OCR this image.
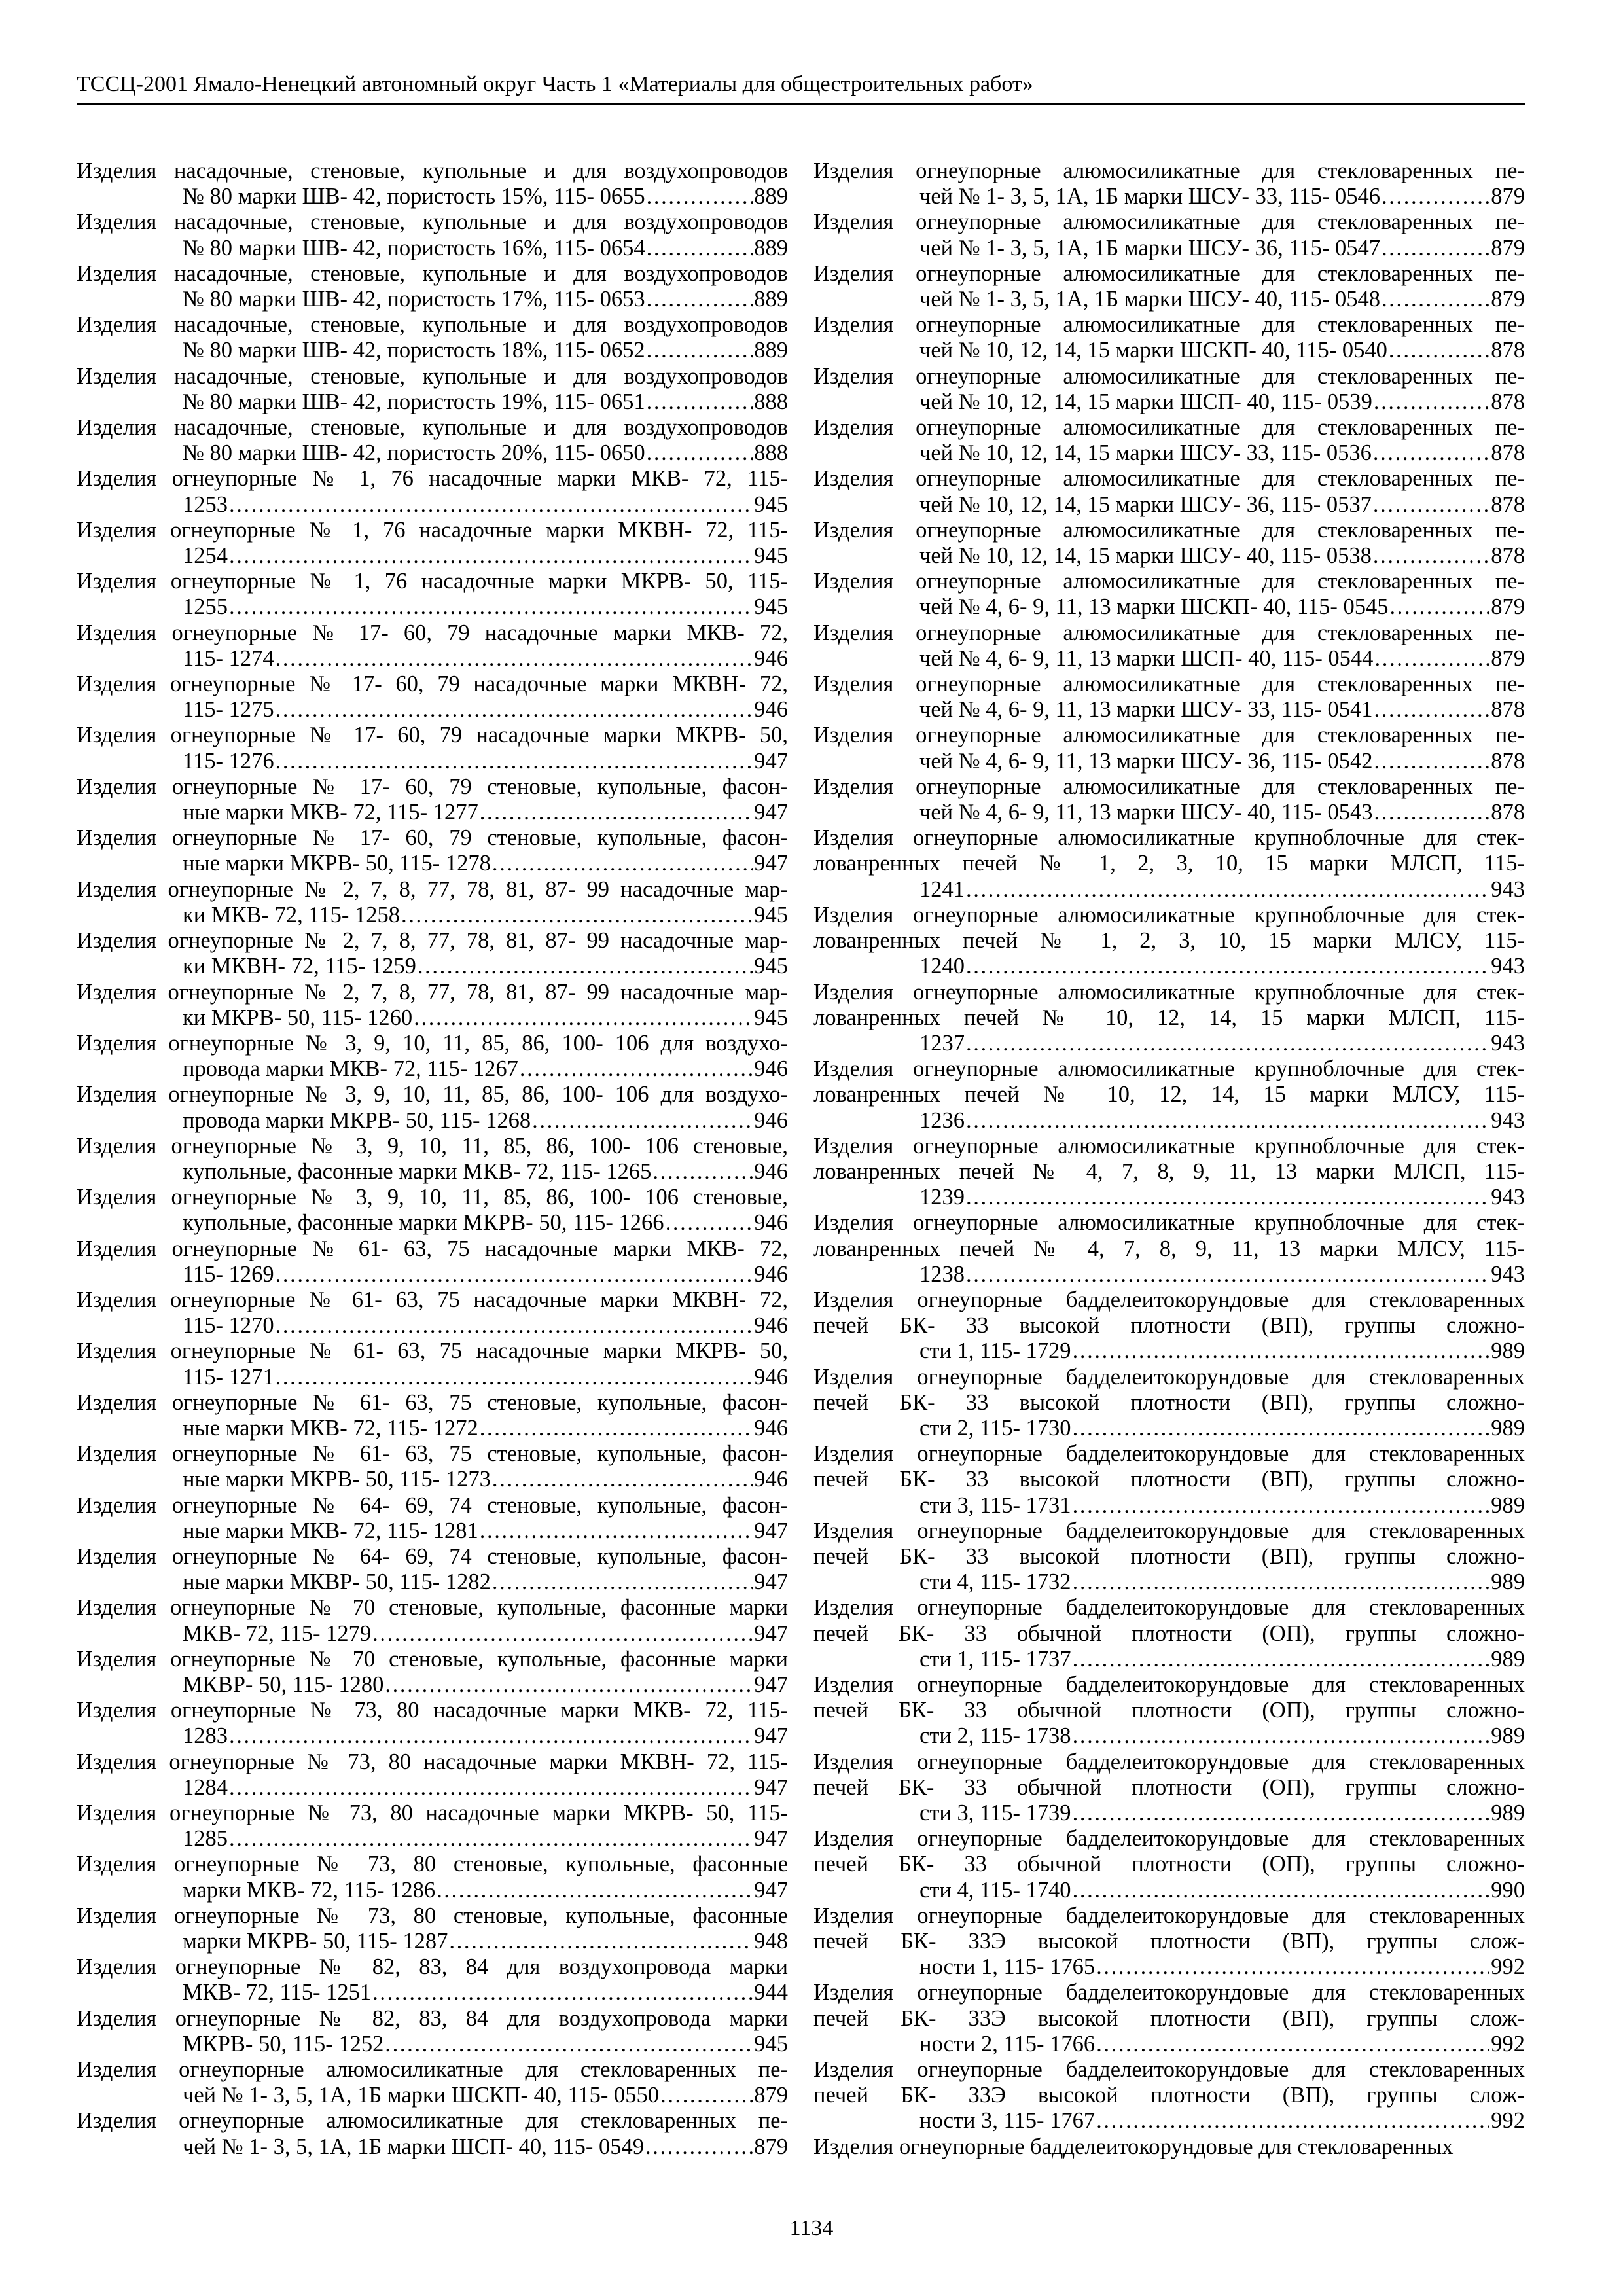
ТССЦ-2001 Ямало-Ненецкий автономный округ Часть 1 «Материалы для общестроительных работ»
Изделия насадочные, стеновые, купольные и для воздухопроводов
№ 80 марки ШВ- 42, пористость 15%, 115- 0655 . . .	889
Изделия насадочные, стеновые, купольные и для воздухопроводов
№ 80 марки ШВ- 42, пористость 16%, 115- 0654 . . .	889
Изделия насадочные, стеновые, купольные и для воздухопроводов
№ 80 марки ШВ- 42, пористость 17%, 115- 0653 . . .	889
Изделия насадочные, стеновые, купольные и для воздухопроводов
№ 80 марки ШВ- 42, пористость 18%, 115- 0652 . . .	889
Изделия насадочные, стеновые, купольные и для воздухопроводов
№ 80 марки ШВ- 42, пористость 19%, 115- 0651 . . .	888
Изделия насадочные, стеновые, купольные и для воздухопроводов
№ 80 марки ШВ- 42, пористость 20%, 115- 0650 . . .	888
Изделия огнеупорные № 1, 76 насадочные марки МКВ- 72, 115-
1253 . . .	945
Изделия огнеупорные № 1, 76 насадочные марки МКВН- 72, 115-
1254 . . .	945
Изделия огнеупорные № 1, 76 насадочные марки МКРВ- 50, 115-
1255 . . .	945
Изделия огнеупорные № 17- 60, 79 насадочные марки МКВ- 72,
115- 1274 . . .	946
Изделия огнеупорные № 17- 60, 79 насадочные марки МКВН- 72,
115- 1275 . . .	946
Изделия огнеупорные № 17- 60, 79 насадочные марки МКРВ- 50,
115- 1276 . . .	947
Изделия огнеупорные № 17- 60, 79 стеновые, купольные, фасон-
ные марки МКВ- 72, 115- 1277 . . .	947
Изделия огнеупорные № 17- 60, 79 стеновые, купольные, фасон-
ные марки МКРВ- 50, 115- 1278 . . .	947
Изделия огнеупорные № 2, 7, 8, 77, 78, 81, 87- 99 насадочные мар-
ки МКВ- 72, 115- 1258 . . .	945
Изделия огнеупорные № 2, 7, 8, 77, 78, 81, 87- 99 насадочные мар-
ки МКВН- 72, 115- 1259 . . .	945
Изделия огнеупорные № 2, 7, 8, 77, 78, 81, 87- 99 насадочные мар-
ки МКРВ- 50, 115- 1260 . . .	945
Изделия огнеупорные № 3, 9, 10, 11, 85, 86, 100- 106 для воздухо-
провода марки МКВ- 72, 115- 1267 . . .	946
Изделия огнеупорные № 3, 9, 10, 11, 85, 86, 100- 106 для воздухо-
провода марки МКРВ- 50, 115- 1268 . . .	946
Изделия огнеупорные № 3, 9, 10, 11, 85, 86, 100- 106 стеновые,
купольные, фасонные марки МКВ- 72, 115- 1265 . . .	946
Изделия огнеупорные № 3, 9, 10, 11, 85, 86, 100- 106 стеновые,
купольные, фасонные марки МКРВ- 50, 115- 1266 . . .	946
Изделия огнеупорные № 61- 63, 75 насадочные марки МКВ- 72,
115- 1269 . . .	946
Изделия огнеупорные № 61- 63, 75 насадочные марки МКВН- 72,
115- 1270 . . .	946
Изделия огнеупорные № 61- 63, 75 насадочные марки МКРВ- 50,
115- 1271 . . .	946
Изделия огнеупорные № 61- 63, 75 стеновые, купольные, фасон-
ные марки МКВ- 72, 115- 1272 . . .	946
Изделия огнеупорные № 61- 63, 75 стеновые, купольные, фасон-
ные марки МКРВ- 50, 115- 1273 . . .	946
Изделия огнеупорные № 64- 69, 74 стеновые, купольные, фасон-
ные марки МКВ- 72, 115- 1281 . . .	947
Изделия огнеупорные № 64- 69, 74 стеновые, купольные, фасон-
ные марки МКВР- 50, 115- 1282 . . .	947
Изделия огнеупорные № 70 стеновые, купольные, фасонные марки
МКВ- 72, 115- 1279 . . .	947
Изделия огнеупорные № 70 стеновые, купольные, фасонные марки
МКВР- 50, 115- 1280 . . .	947
Изделия огнеупорные № 73, 80 насадочные марки МКВ- 72, 115-
1283 . . .	947
Изделия огнеупорные № 73, 80 насадочные марки МКВН- 72, 115-
1284 . . .	947
Изделия огнеупорные № 73, 80 насадочные марки МКРВ- 50, 115-
1285 . . .	947
Изделия огнеупорные № 73, 80 стеновые, купольные, фасонные
марки МКВ- 72, 115- 1286 . . .	947
Изделия огнеупорные № 73, 80 стеновые, купольные, фасонные
марки МКРВ- 50, 115- 1287 . . .	948
Изделия огнеупорные № 82, 83, 84 для воздухопровода марки
МКВ- 72, 115- 1251 . . .	944
Изделия огнеупорные № 82, 83, 84 для воздухопровода марки
МКРВ- 50, 115- 1252 . . .	945
Изделия огнеупорные алюмосиликатные для стекловаренных пе-
чей № 1- 3, 5, 1А, 1Б марки ШСКП- 40, 115- 0550 . . .	879
Изделия огнеупорные алюмосиликатные для стекловаренных пе-
чей № 1- 3, 5, 1А, 1Б марки ШСП- 40, 115- 0549 . . .	879
Изделия огнеупорные алюмосиликатные для стекловаренных пе-
чей № 1- 3, 5, 1А, 1Б марки ШСУ- 33, 115- 0546 . . .	879
Изделия огнеупорные алюмосиликатные для стекловаренных пе-
чей № 1- 3, 5, 1А, 1Б марки ШСУ- 36, 115- 0547 . . .	879
Изделия огнеупорные алюмосиликатные для стекловаренных пе-
чей № 1- 3, 5, 1А, 1Б марки ШСУ- 40, 115- 0548 . . .	879
Изделия огнеупорные алюмосиликатные для стекловаренных пе-
чей № 10, 12, 14, 15 марки ШСКП- 40, 115- 0540 . . .	878
Изделия огнеупорные алюмосиликатные для стекловаренных пе-
чей № 10, 12, 14, 15 марки ШСП- 40, 115- 0539 . . .	878
Изделия огнеупорные алюмосиликатные для стекловаренных пе-
чей № 10, 12, 14, 15 марки ШСУ- 33, 115- 0536 . . .	878
Изделия огнеупорные алюмосиликатные для стекловаренных пе-
чей № 10, 12, 14, 15 марки ШСУ- 36, 115- 0537 . . .	878
Изделия огнеупорные алюмосиликатные для стекловаренных пе-
чей № 10, 12, 14, 15 марки ШСУ- 40, 115- 0538 . . .	878
Изделия огнеупорные алюмосиликатные для стекловаренных пе-
чей № 4, 6- 9, 11, 13 марки ШСКП- 40, 115- 0545 . . .	879
Изделия огнеупорные алюмосиликатные для стекловаренных пе-
чей № 4, 6- 9, 11, 13 марки ШСП- 40, 115- 0544 . . .	879
Изделия огнеупорные алюмосиликатные для стекловаренных пе-
чей № 4, 6- 9, 11, 13 марки ШСУ- 33, 115- 0541 . . .	878
Изделия огнеупорные алюмосиликатные для стекловаренных пе-
чей № 4, 6- 9, 11, 13 марки ШСУ- 36, 115- 0542 . . .	878
Изделия огнеупорные алюмосиликатные для стекловаренных пе-
чей № 4, 6- 9, 11, 13 марки ШСУ- 40, 115- 0543 . . .	878
Изделия огнеупорные алюмосиликатные крупноблочные для стек-
лованренных печей № 1, 2, 3, 10, 15 марки МЛСП, 115-
1241 . . .	943
Изделия огнеупорные алюмосиликатные крупноблочные для стек-
лованренных печей № 1, 2, 3, 10, 15 марки МЛСУ, 115-
1240 . . .	943
Изделия огнеупорные алюмосиликатные крупноблочные для стек-
лованренных печей № 10, 12, 14, 15 марки МЛСП, 115-
1237 . . .	943
Изделия огнеупорные алюмосиликатные крупноблочные для стек-
лованренных печей № 10, 12, 14, 15 марки МЛСУ, 115-
1236 . . .	943
Изделия огнеупорные алюмосиликатные крупноблочные для стек-
лованренных печей № 4, 7, 8, 9, 11, 13 марки МЛСП, 115-
1239 . . .	943
Изделия огнеупорные алюмосиликатные крупноблочные для стек-
лованренных печей № 4, 7, 8, 9, 11, 13 марки МЛСУ, 115-
1238 . . .	943
Изделия огнеупорные бадделеитокорундовые для стекловаренных
печей БК- 33 высокой плотности (ВП), группы сложно-
сти 1, 115- 1729 . . .	989
Изделия огнеупорные бадделеитокорундовые для стекловаренных
печей БК- 33 высокой плотности (ВП), группы сложно-
сти 2, 115- 1730 . . .	989
Изделия огнеупорные бадделеитокорундовые для стекловаренных
печей БК- 33 высокой плотности (ВП), группы сложно-
сти 3, 115- 1731 . . .	989
Изделия огнеупорные бадделеитокорундовые для стекловаренных
печей БК- 33 высокой плотности (ВП), группы сложно-
сти 4, 115- 1732 . . .	989
Изделия огнеупорные бадделеитокорундовые для стекловаренных
печей БК- 33 обычной плотности (ОП), группы сложно-
сти 1, 115- 1737 . . .	989
Изделия огнеупорные бадделеитокорундовые для стекловаренных
печей БК- 33 обычной плотности (ОП), группы сложно-
сти 2, 115- 1738 . . .	989
Изделия огнеупорные бадделеитокорундовые для стекловаренных
печей БК- 33 обычной плотности (ОП), группы сложно-
сти 3, 115- 1739 . . .	989
Изделия огнеупорные бадделеитокорундовые для стекловаренных
печей БК- 33 обычной плотности (ОП), группы сложно-
сти 4, 115- 1740 . . .	990
Изделия огнеупорные бадделеитокорундовые для стекловаренных
печей БК- 33Э высокой плотности (ВП), группы слож-
ности 1, 115- 1765 . . .	992
Изделия огнеупорные бадделеитокорундовые для стекловаренных
печей БК- 33Э высокой плотности (ВП), группы слож-
ности 2, 115- 1766 . . .	992
Изделия огнеупорные бадделеитокорундовые для стекловаренных
печей БК- 33Э высокой плотности (ВП), группы слож-
ности 3, 115- 1767 . . .	992
Изделия огнеупорные бадделеитокорундовые для стекловаренных
1134
